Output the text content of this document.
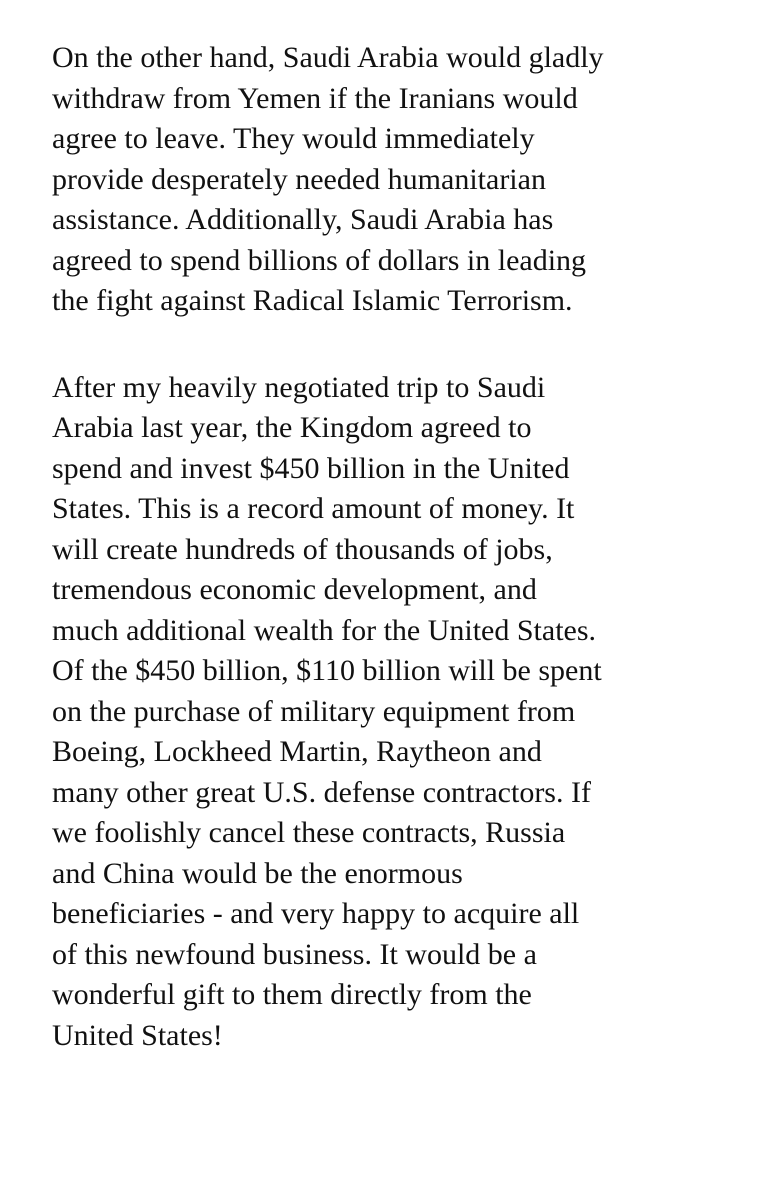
On the other hand, Saudi Arabia would gladly
withdraw from Yemen if the Iranians would
agree to leave. They would immediately
provide desperately needed humanitarian
assistance. Additionally, Saudi Arabia has
agreed to spend billions of dollars in leading
the fight against Radical Islamic Terrorism.
After my heavily negotiated trip to Saudi
Arabia last year, the Kingdom agreed to
spend and invest $450 billion in the United
States. This is a record amount of money. It
will create hundreds of thousands of jobs,
tremendous economic development, and
much additional wealth for the United States.
Of the $450 billion, $110 billion will be spent
on the purchase of military equipment from
Boeing, Lockheed Martin, Raytheon and
many other great U.S. defense contractors. If
we foolishly cancel these contracts, Russia
and China would be the enormous
beneficiaries - and very happy to acquire all
of this newfound business. It would be a
wonderful gift to them directly from the
United States!
